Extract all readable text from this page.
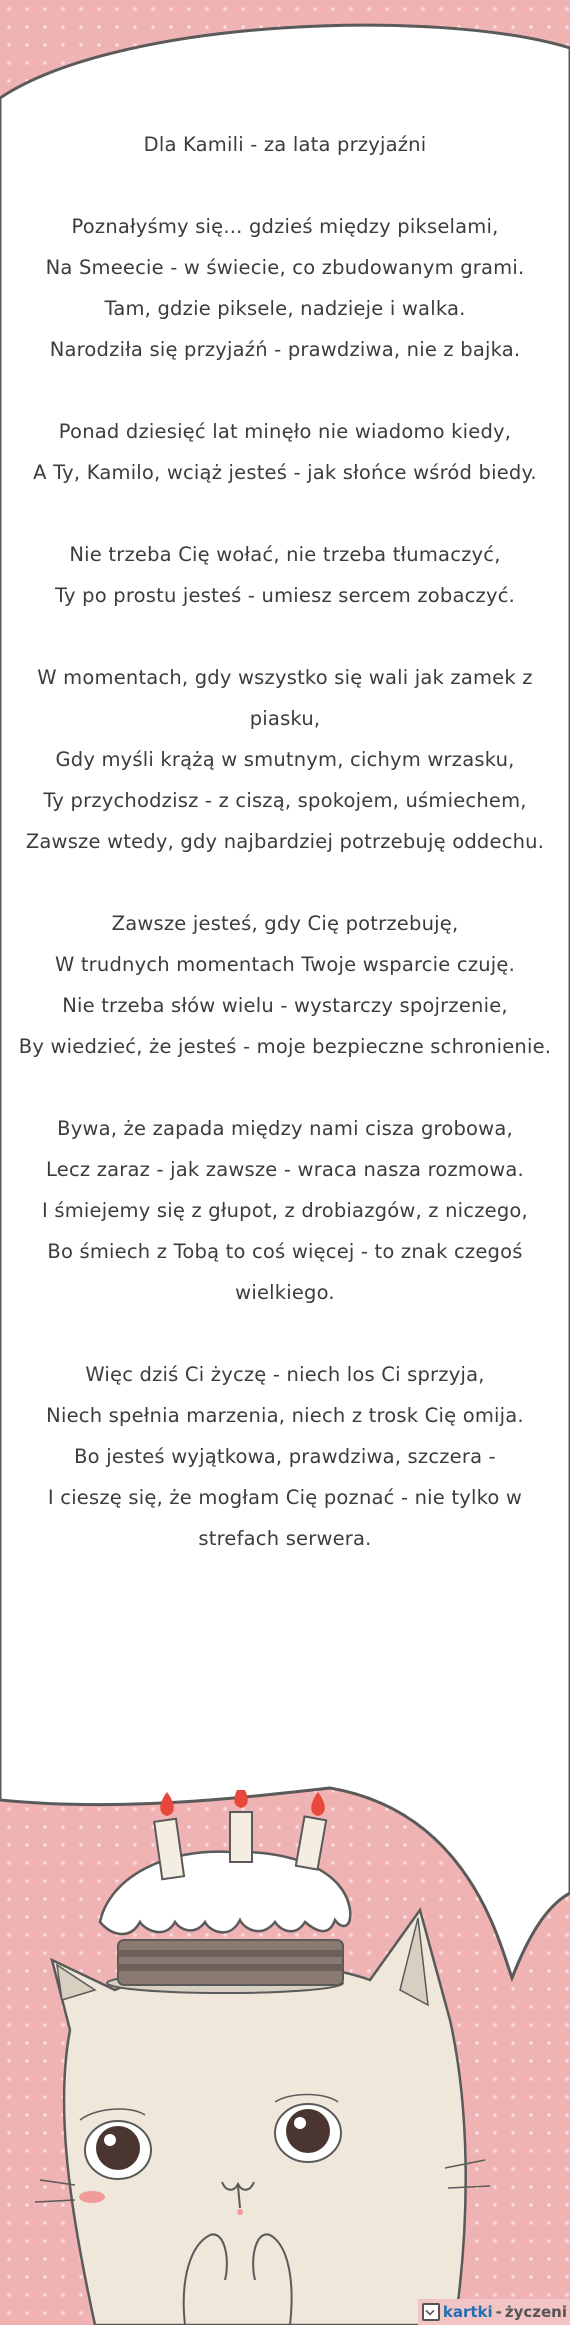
Dla Kamili - za lata przyjaźni
Poznałyśmy się... gdzieś między pikselami,
Na Smeecie - w świecie, co zbudowanym grami.
Tam, gdzie piksele, nadzieje i walka.
Narodziła się przyjaźń - prawdziwa, nie z bajka.
Ponad dziesięć lat minęło nie wiadomo kiedy,
A Ty, Kamilo, wciąż jesteś - jak słońce wśród biedy.
Nie trzeba Cię wołać, nie trzeba tłumaczyć,
Ty po prostu jesteś - umiesz sercem zobaczyć.
W momentach, gdy wszystko się wali jak zamek z
piasku,
Gdy myśli krążą w smutnym, cichym wrzasku,
Ty przychodzisz - z ciszą, spokojem, uśmiechem,
Zawsze wtedy, gdy najbardziej potrzebuję oddechu.
Zawsze jesteś, gdy Cię potrzebuję,
W trudnych momentach Twoje wsparcie czuję.
Nie trzeba słów wielu - wystarczy spojrzenie,
By wiedzieć, że jesteś - moje bezpieczne schronienie.
Bywa, że zapada między nami cisza grobowa,
Lecz zaraz - jak zawsze - wraca nasza rozmowa.
I śmiejemy się z głupot, z drobiazgów, z niczego,
Bo śmiech z Tobą to coś więcej - to znak czegoś
wielkiego.
Więc dziś Ci życzę - niech los Ci sprzyja,
Niech spełnia marzenia, niech z trosk Cię omija.
Bo jesteś wyjątkowa, prawdziwa, szczera -
I cieszę się, że mogłam Cię poznać - nie tylko w
strefach serwera.
kartki - życzeni
